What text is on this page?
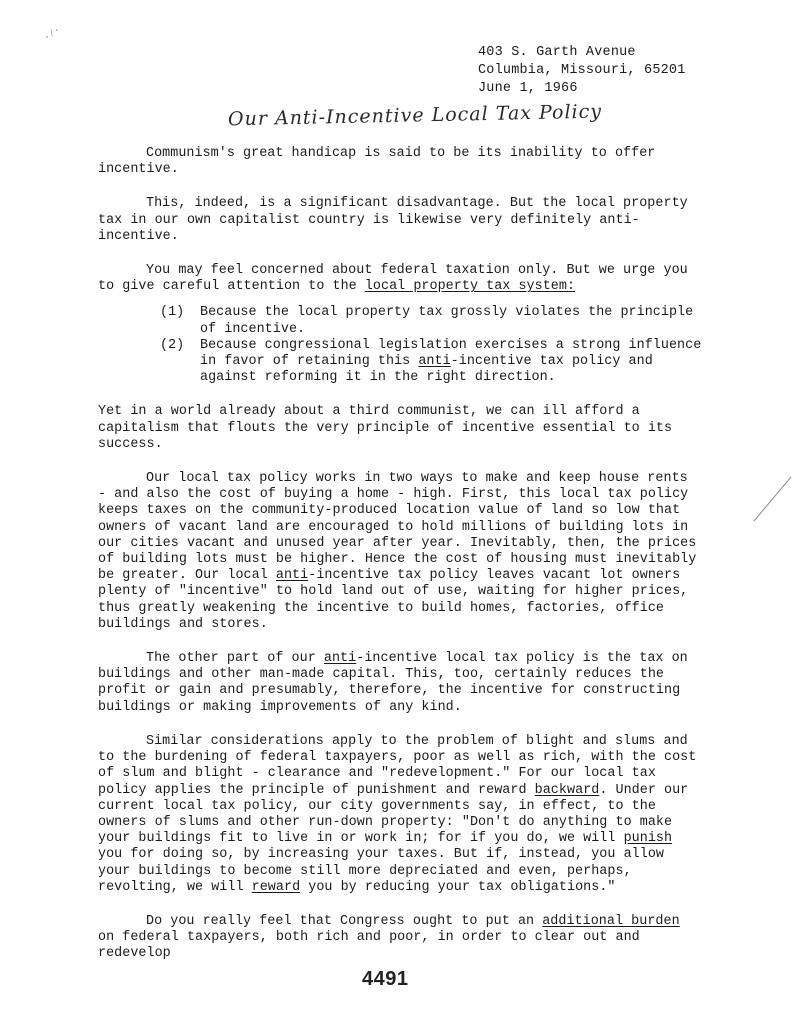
·∕·
403 S. Garth Avenue
Columbia, Missouri, 65201
June 1, 1966
Our Anti-Incentive Local Tax Policy

Communism's great handicap is said to be its inability to offer incentive.

This, indeed, is a significant disadvantage. But the local property tax in our own capitalist country is likewise very definitely anti-incentive.

You may feel concerned about federal taxation only. But we urge you to give careful attention to the local property tax system:

(1)	Because the local property tax grossly violates the principle of incentive.
(2)	Because congressional legislation exercises a strong influence in favor of retaining this anti-incentive tax policy and against reforming it in the right direction.

Yet in a world already about a third communist, we can ill afford a capitalism that flouts the very principle of incentive essential to its success.

Our local tax policy works in two ways to make and keep house rents - and also the cost of buying a home - high. First, this local tax policy keeps taxes on the community-produced location value of land so low that owners of vacant land are encouraged to hold millions of building lots in our cities vacant and unused year after year. Inevitably, then, the prices of building lots must be higher. Hence the cost of housing must inevitably be greater. Our local anti-incentive tax policy leaves vacant lot owners plenty of "incentive" to hold land out of use, waiting for higher prices, thus greatly weakening the incentive to build homes, factories, office buildings and stores.

The other part of our anti-incentive local tax policy is the tax on buildings and other man-made capital. This, too, certainly reduces the profit or gain and presumably, therefore, the incentive for constructing buildings or making improvements of any kind.

Similar considerations apply to the problem of blight and slums and to the burdening of federal taxpayers, poor as well as rich, with the cost of slum and blight - clearance and "redevelopment." For our local tax policy applies the principle of punishment and reward backward. Under our current local tax policy, our city governments say, in effect, to the owners of slums and other run-down property: "Don't do anything to make your buildings fit to live in or work in; for if you do, we will punish you for doing so, by increasing your taxes. But if, instead, you allow your buildings to become still more depreciated and even, perhaps, revolting, we will reward you by reducing your tax obligations."

Do you really feel that Congress ought to put an additional burden on federal taxpayers, both rich and poor, in order to clear out and redevelop

4491
